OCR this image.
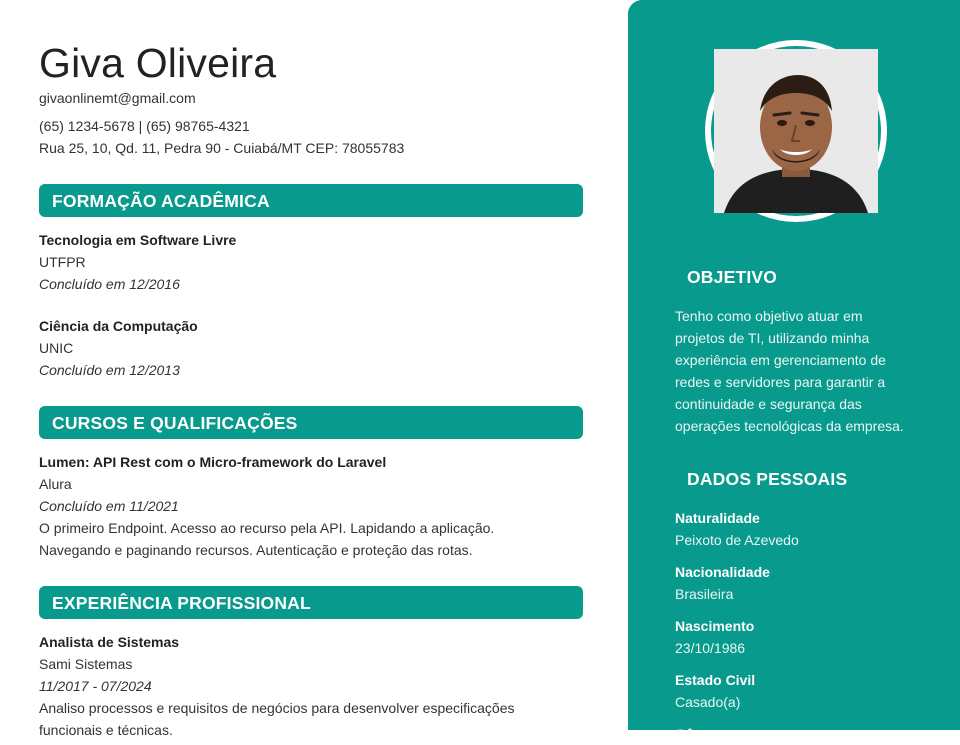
Giva Oliveira
givaonlinemt@gmail.com
(65) 1234-5678 | (65) 98765-4321
Rua 25, 10, Qd. 11, Pedra 90 - Cuiabá/MT CEP: 78055783
FORMAÇÃO ACADÊMICA
Tecnologia em Software Livre
UTFPR
Concluído em 12/2016
Ciência da Computação
UNIC
Concluído em 12/2013
CURSOS E QUALIFICAÇÕES
Lumen: API Rest com o Micro-framework do Laravel
Alura
Concluído em 11/2021
O primeiro Endpoint. Acesso ao recurso pela API. Lapidando a aplicação.
Navegando e paginando recursos. Autenticação e proteção das rotas.
EXPERIÊNCIA PROFISSIONAL
Analista de Sistemas
Sami Sistemas
11/2017 - 07/2024
Analiso processos e requisitos de negócios para desenvolver especificações
funcionais e técnicas.
OBJETIVO
Tenho como objetivo atuar em
projetos de TI, utilizando minha
experiência em gerenciamento de
redes e servidores para garantir a
continuidade e segurança das
operações tecnológicas da empresa.
DADOS PESSOAIS
Naturalidade
Peixoto de Azevedo
Nacionalidade
Brasileira
Nascimento
23/10/1986
Estado Civil
Casado(a)
Gênero
